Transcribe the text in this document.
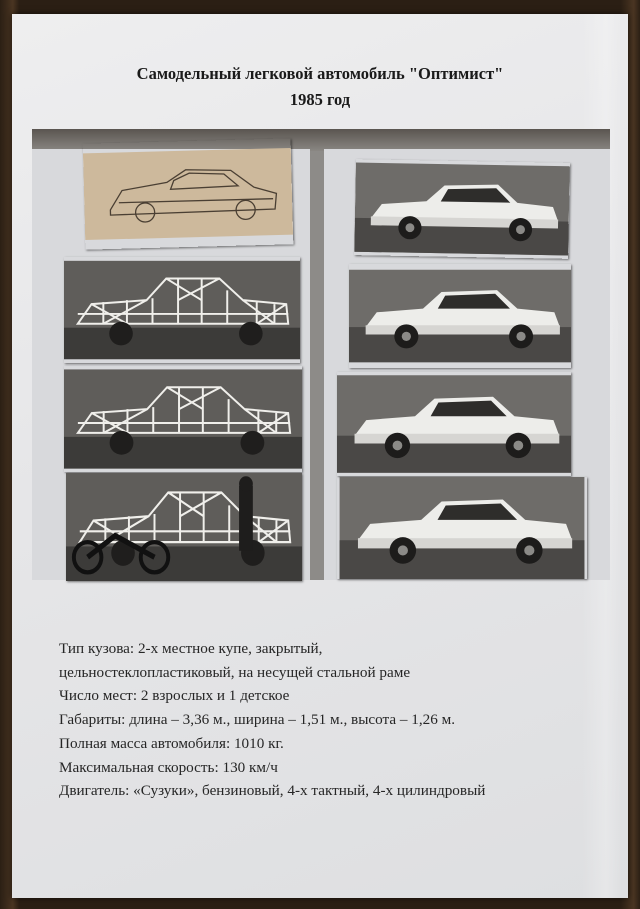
Самодельный легковой автомобиль "Оптимист"
1985 год
Тип кузова: 2-х местное купе, закрытый,
цельностеклопластиковый, на несущей стальной раме
Число мест: 2 взрослых и 1 детское
Габариты: длина – 3,36 м., ширина – 1,51 м., высота – 1,26 м.
Полная масса автомобиля: 1010 кг.
Максимальная скорость: 130 км/ч
Двигатель: «Сузуки», бензиновый, 4-х тактный, 4-х цилиндровый
